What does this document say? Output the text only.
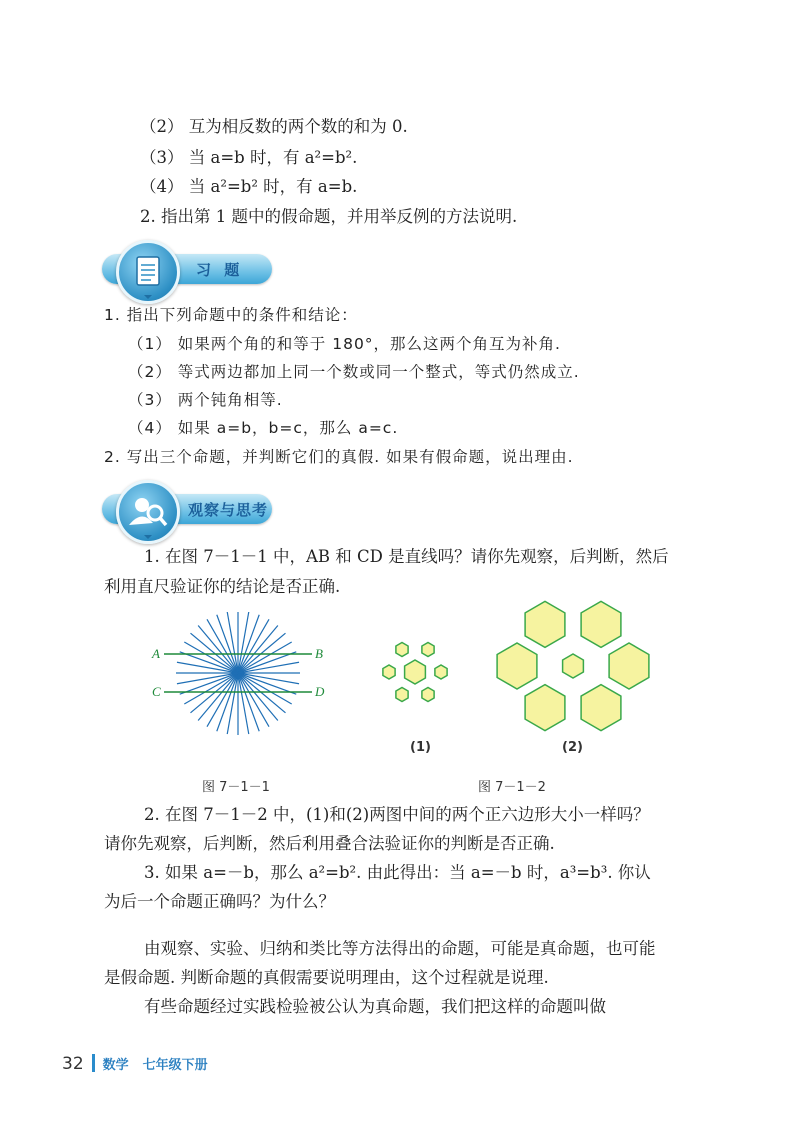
（2） 互为相反数的两个数的和为 0.
（3） 当 a=b 时，有 a²=b².
（4） 当 a²=b² 时，有 a=b.
2. 指出第 1 题中的假命题，并用举反例的方法说明.
习 题
1. 指出下列命题中的条件和结论：
（1） 如果两个角的和等于 180°，那么这两个角互为补角.
（2） 等式两边都加上同一个数或同一个整式，等式仍然成立.
（3） 两个钝角相等.
（4） 如果 a=b，b=c，那么 a=c.
2. 写出三个命题，并判断它们的真假. 如果有假命题，说出理由.
观察与思考
1. 在图 7－1－1 中，AB 和 CD 是直线吗？请你先观察，后判断，然后
利用直尺验证你的结论是否正确.
A	B
C	D
图 7－1－1
(1)	(2)
图 7－1－2
2. 在图 7－1－2 中，(1)和(2)两图中间的两个正六边形大小一样吗？
请你先观察，后判断，然后利用叠合法验证你的判断是否正确.
3. 如果 a=－b，那么 a²=b². 由此得出：当 a=－b 时，a³=b³. 你认
为后一个命题正确吗？为什么？
由观察、实验、归纳和类比等方法得出的命题，可能是真命题，也可能
是假命题. 判断命题的真假需要说明理由，这个过程就是说理.
有些命题经过实践检验被公认为真命题，我们把这样的命题叫做
32 数学 七年级下册
